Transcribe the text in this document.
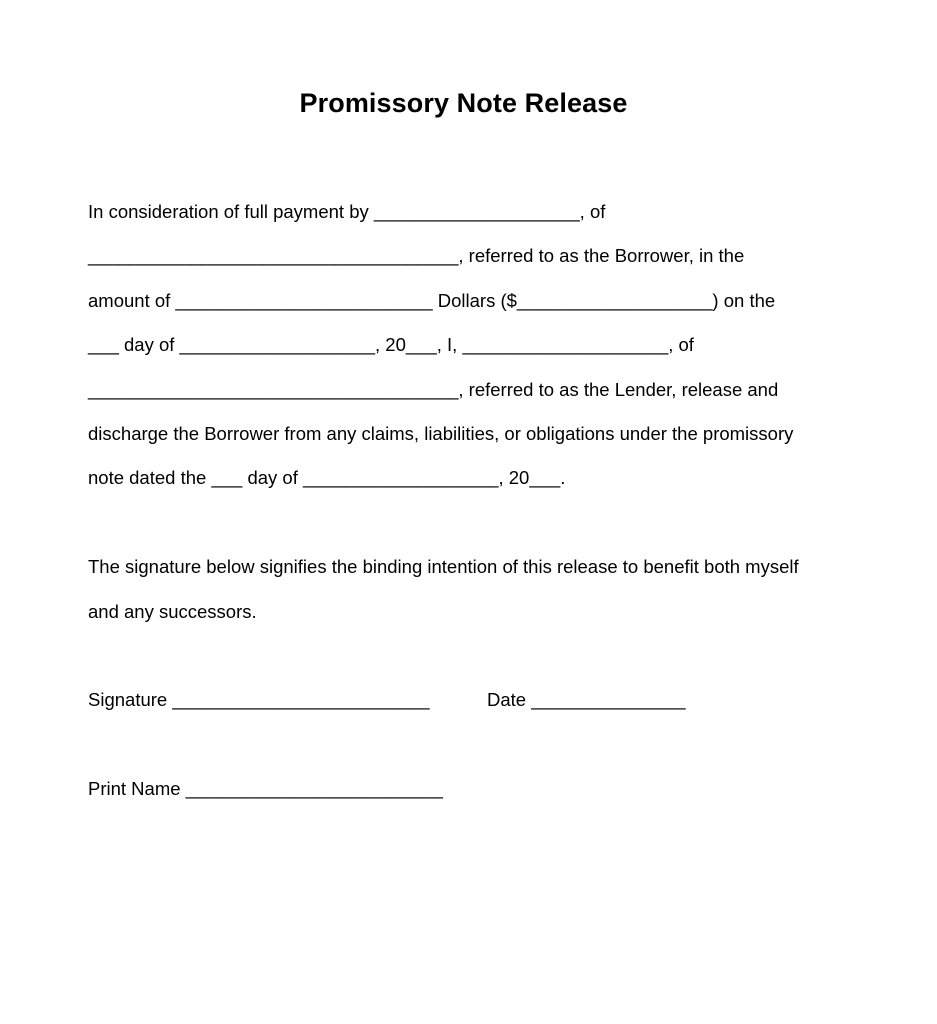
Promissory Note Release
In consideration of full payment by ____________________, of
____________________________________, referred to as the Borrower, in the
amount of _________________________ Dollars ($___________________) on the
___ day of ___________________, 20___, I, ____________________, of
____________________________________, referred to as the Lender, release and
discharge the Borrower from any claims, liabilities, or obligations under the promissory
note dated the ___ day of ___________________, 20___.
The signature below signifies the binding intention of this release to benefit both myself
and any successors.
Signature _________________________	Date _______________
Print Name _________________________
